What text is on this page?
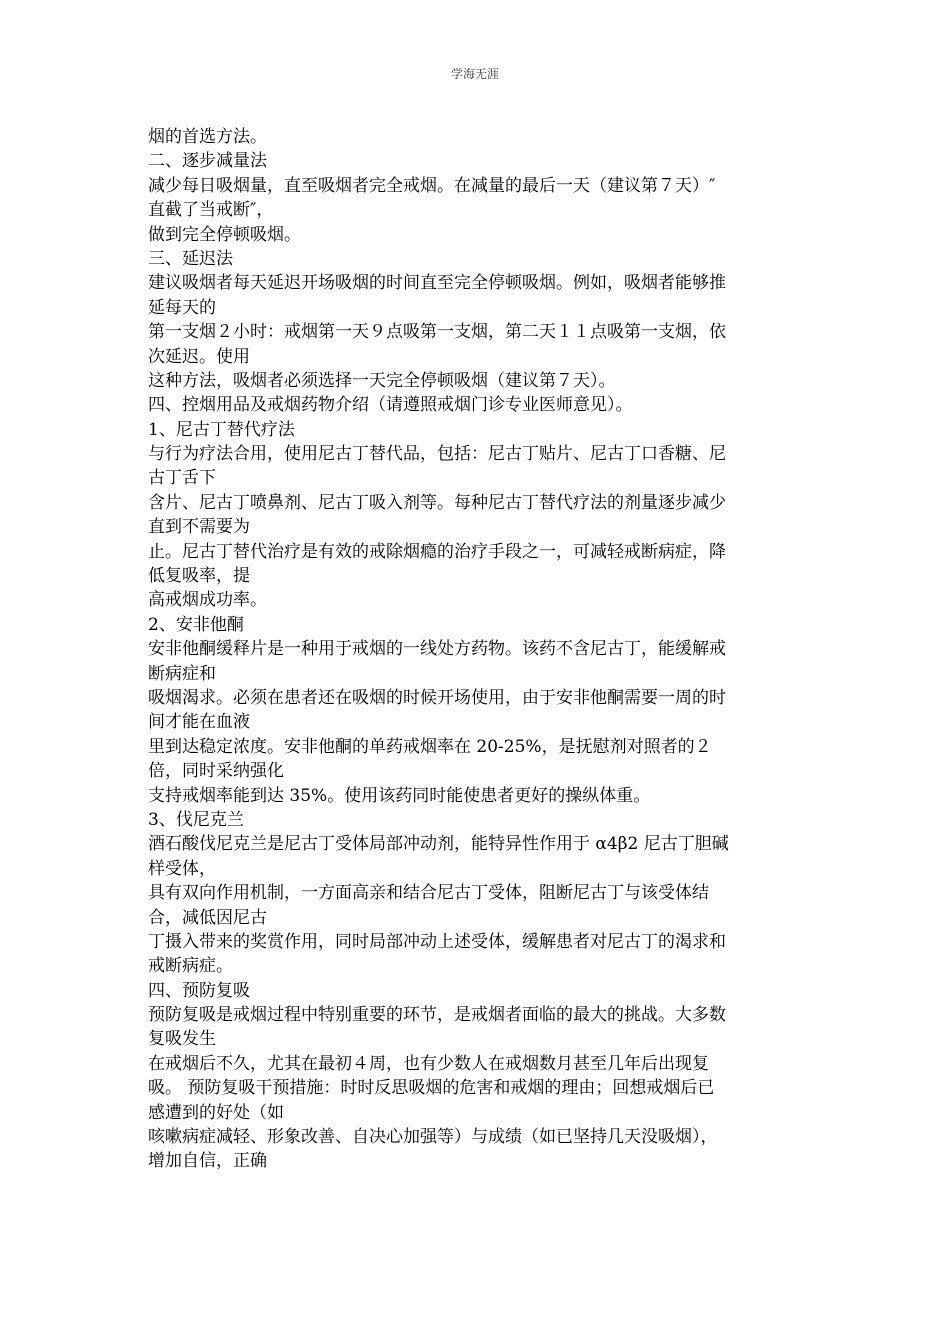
学海无涯
烟的首选方法。
二、逐步减量法
减少每日吸烟量，直至吸烟者完全戒烟。在减量的最后一天（建议第７天）″
直截了当戒断″，
做到完全停顿吸烟。
三、延迟法
建议吸烟者每天延迟开场吸烟的时间直至完全停顿吸烟。例如，吸烟者能够推
延每天的
第一支烟２小时：戒烟第一天９点吸第一支烟，第二天１１点吸第一支烟，依
次延迟。使用
这种方法，吸烟者必须选择一天完全停顿吸烟（建议第７天）。
四、控烟用品及戒烟药物介绍（请遵照戒烟门诊专业医师意见）。
1、尼古丁替代疗法
与行为疗法合用，使用尼古丁替代品，包括：尼古丁贴片、尼古丁口香糖、尼
古丁舌下
含片、尼古丁喷鼻剂、尼古丁吸入剂等。每种尼古丁替代疗法的剂量逐步减少
直到不需要为
止。尼古丁替代治疗是有效的戒除烟瘾的治疗手段之一，可减轻戒断病症，降
低复吸率，提
高戒烟成功率。
2、安非他酮
安非他酮缓释片是一种用于戒烟的一线处方药物。该药不含尼古丁，能缓解戒
断病症和
吸烟渴求。必须在患者还在吸烟的时候开场使用，由于安非他酮需要一周的时
间才能在血液
里到达稳定浓度。安非他酮的单药戒烟率在 20-25%，是抚慰剂对照者的２
倍，同时采纳强化
支持戒烟率能到达 35%。使用该药同时能使患者更好的操纵体重。
3、伐尼克兰
酒石酸伐尼克兰是尼古丁受体局部冲动剂，能特异性作用于 α4β2 尼古丁胆碱
样受体，
具有双向作用机制，一方面高亲和结合尼古丁受体，阻断尼古丁与该受体结
合，减低因尼古
丁摄入带来的奖赏作用，同时局部冲动上述受体，缓解患者对尼古丁的渴求和
戒断病症。
四、预防复吸
预防复吸是戒烟过程中特别重要的环节，是戒烟者面临的最大的挑战。大多数
复吸发生
在戒烟后不久，尤其在最初４周，也有少数人在戒烟数月甚至几年后出现复
吸。 预防复吸干预措施：时时反思吸烟的危害和戒烟的理由；回想戒烟后已
感遭到的好处（如
咳嗽病症减轻、形象改善、自决心加强等）与成绩（如已坚持几天没吸烟），
增加自信，正确
